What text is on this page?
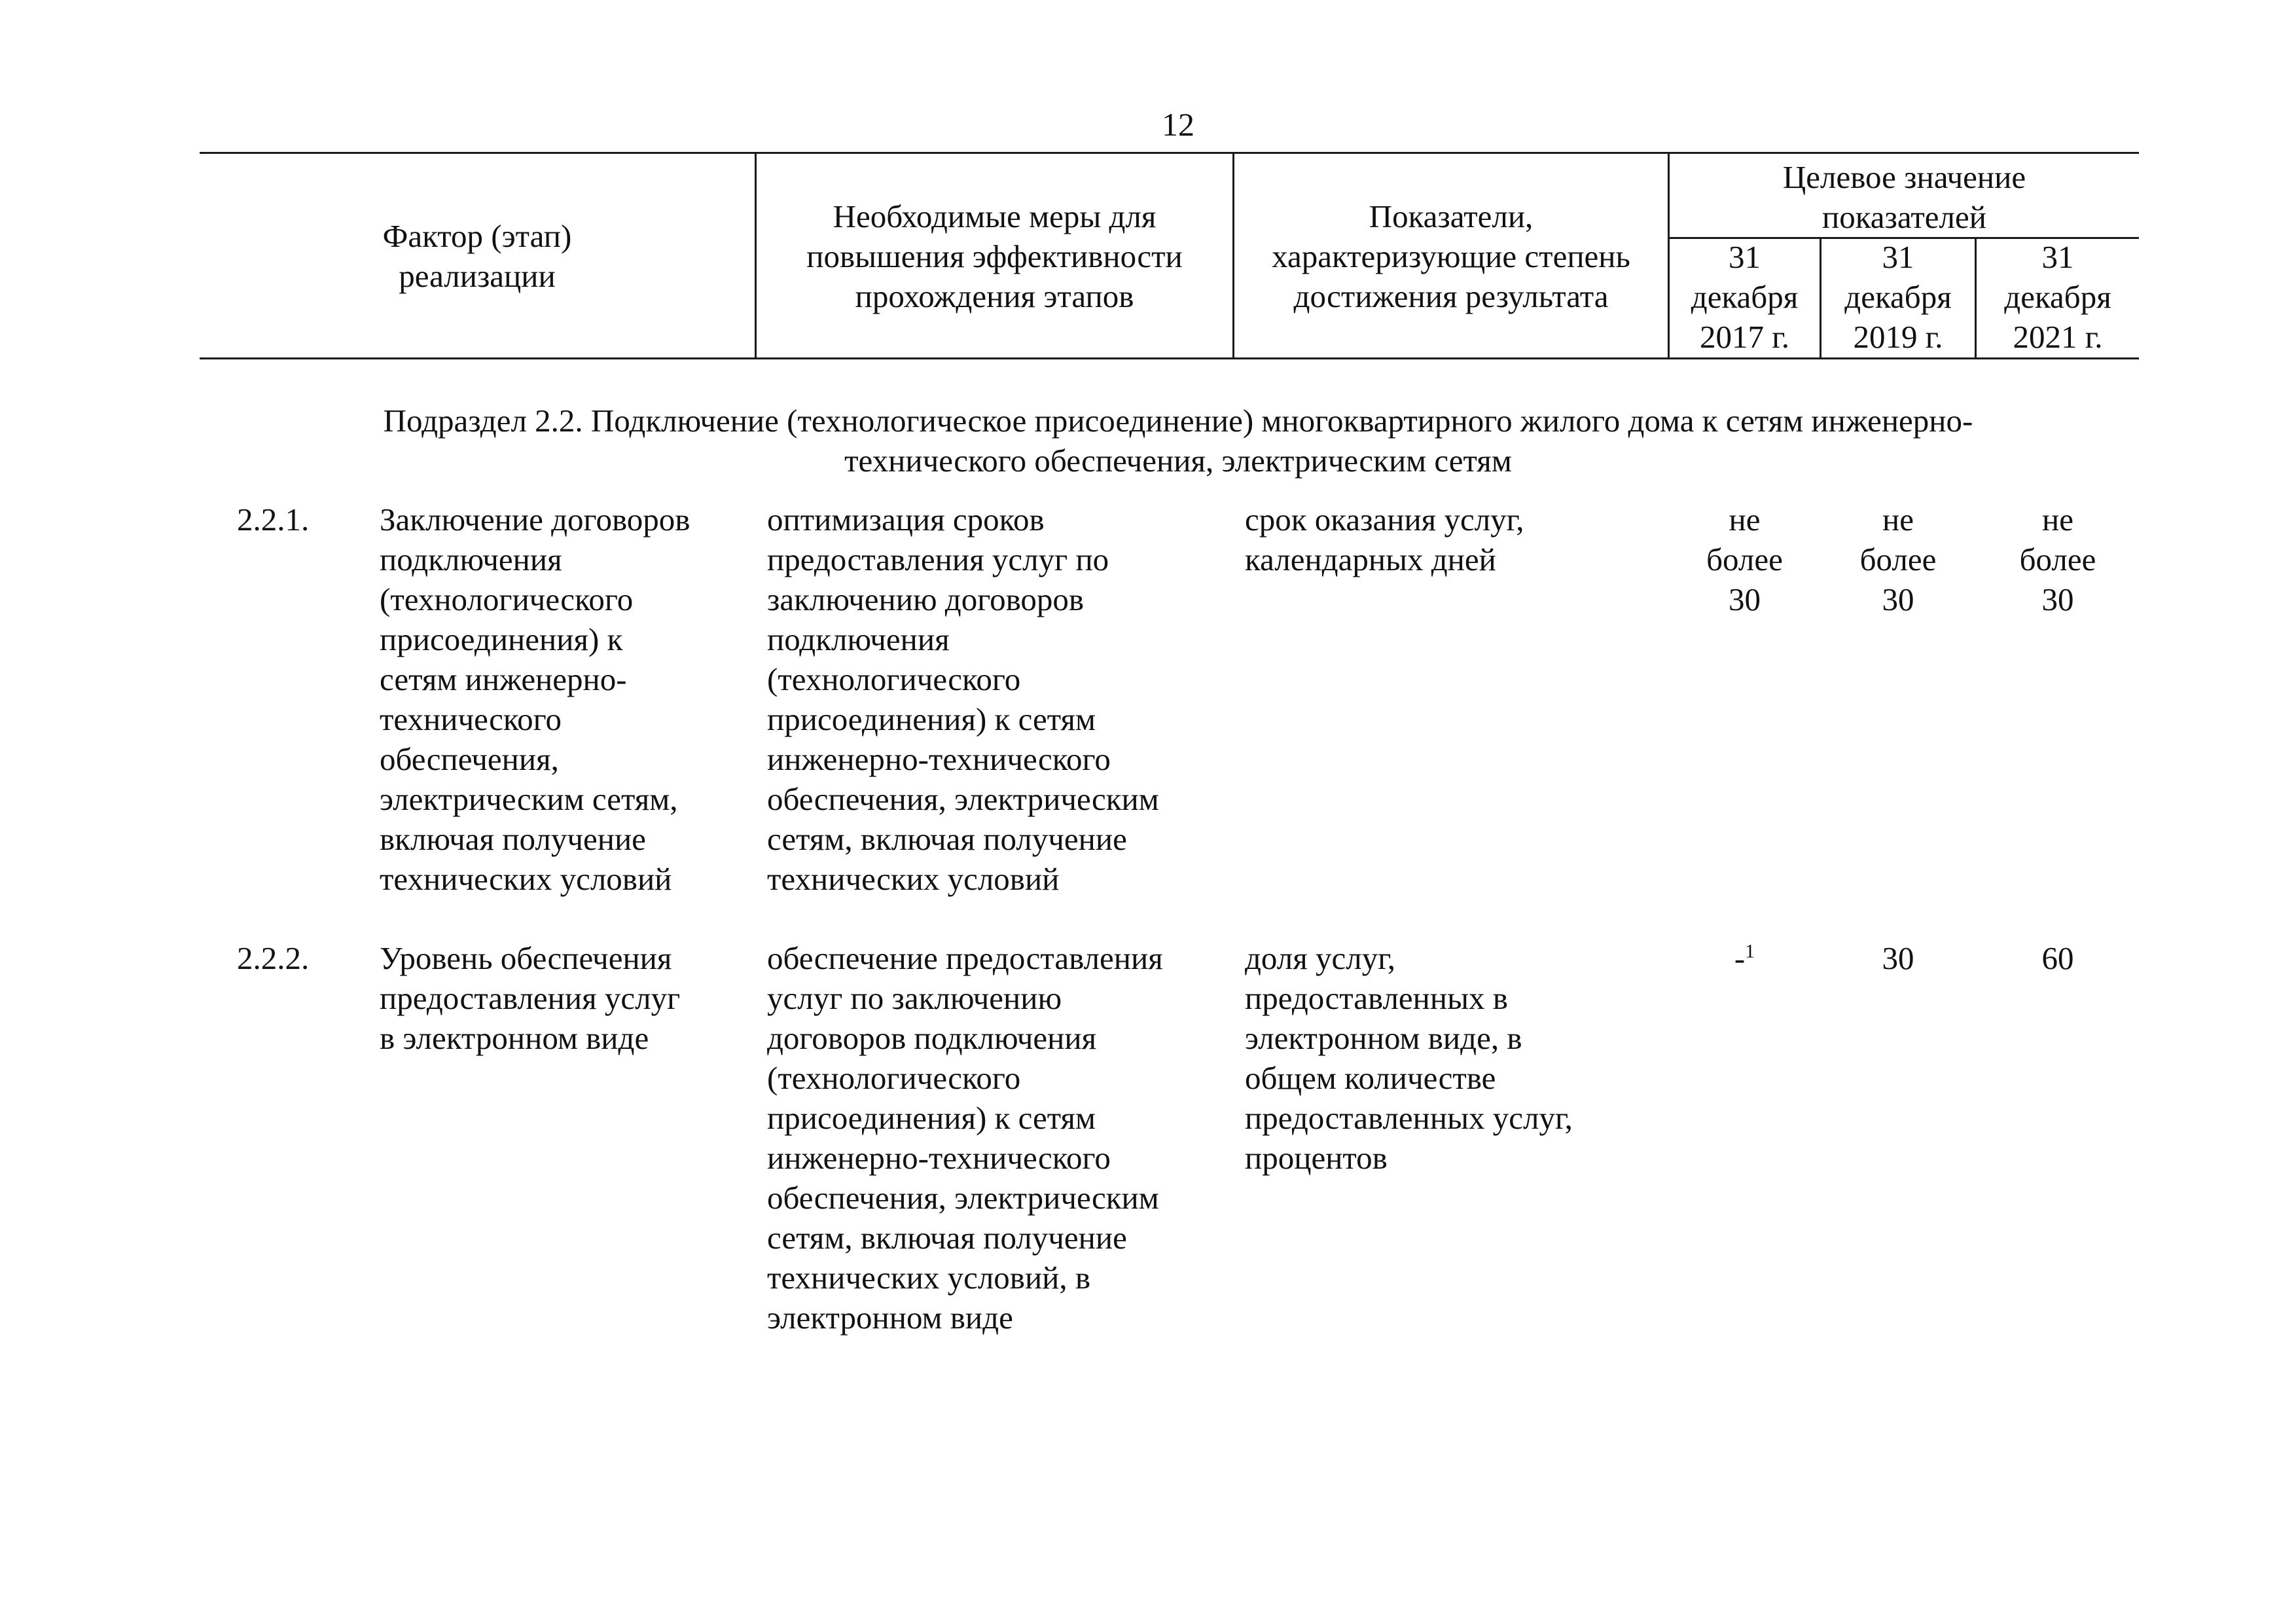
12
Фактор (этап)
реализации
Необходимые меры для
повышения эффективности
прохождения этапов
Показатели,
характеризующие степень
достижения результата
Целевое значение
показателей
31
декабря
2017 г.
31
декабря
2019 г.
31
декабря
2021 г.
Подраздел 2.2. Подключение (технологическое присоединение) многоквартирного жилого дома к сетям инженерно-
технического обеспечения, электрическим сетям
2.2.1. Заключение договоров
подключения
(технологического
присоединения) к
сетям инженерно-
технического
обеспечения,
электрическим сетям,
включая получение
технических условий
оптимизация сроков
предоставления услуг по
заключению договоров
подключения
(технологического
присоединения) к сетям
инженерно-технического
обеспечения, электрическим
сетям, включая получение
технических условий
срок оказания услуг,
календарных дней
не
более
30
не
более
30
не
более
30
2.2.2. Уровень обеспечения
предоставления услуг
в электронном виде
обеспечение предоставления
услуг по заключению
договоров подключения
(технологического
присоединения) к сетям
инженерно-технического
обеспечения, электрическим
сетям, включая получение
технических условий, в
электронном виде
доля услуг,
предоставленных в
электронном виде, в
общем количестве
предоставленных услуг,
процентов
-$^1$	30	60
